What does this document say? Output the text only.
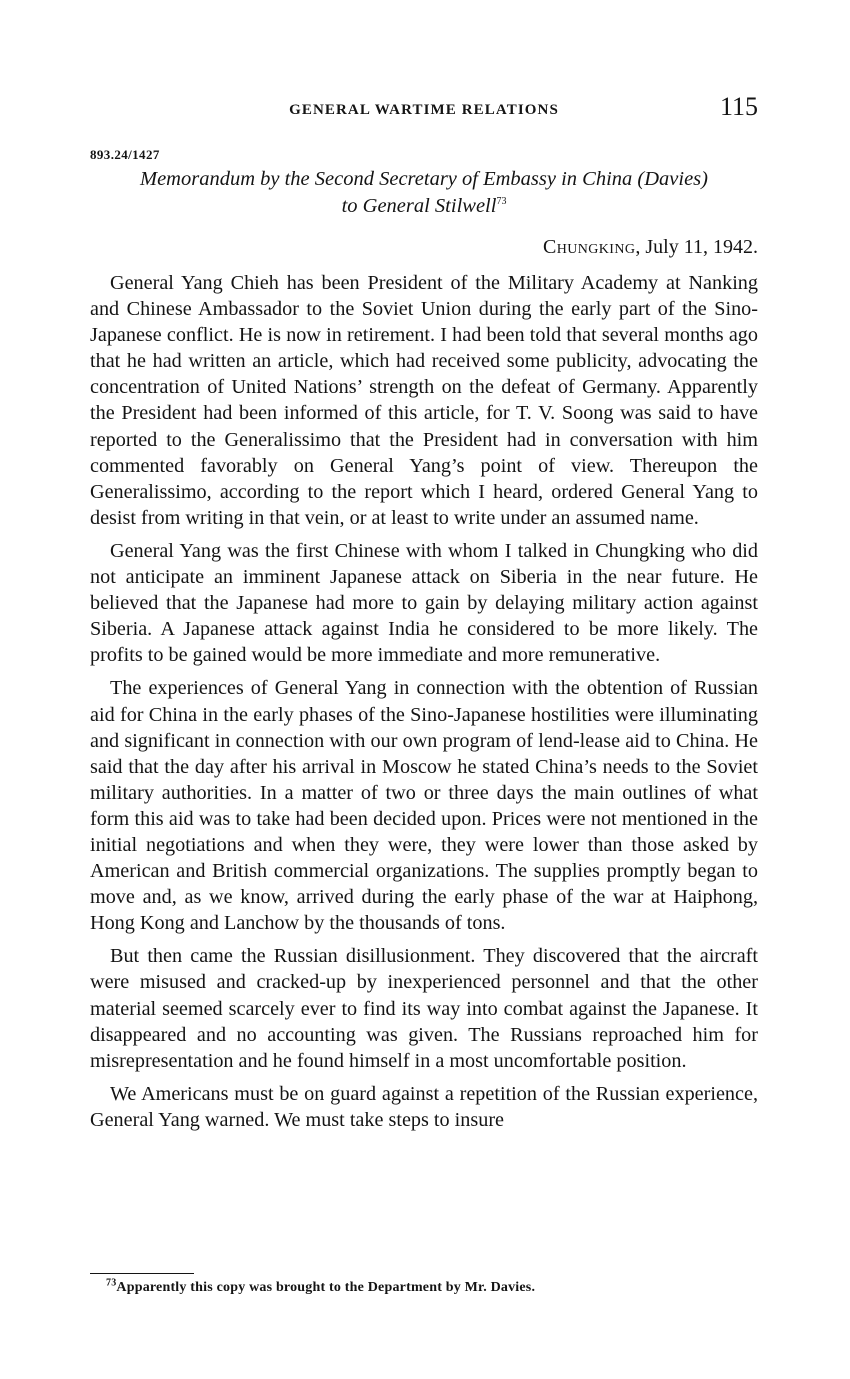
GENERAL WARTIME RELATIONS	115
893.24/1427
Memorandum by the Second Secretary of Embassy in China (Davies)
to General Stilwell$^{73}$
Chungking, July 11, 1942.

General Yang Chieh has been President of the Military Academy at Nanking and Chinese Ambassador to the Soviet Union during the early part of the Sino-Japanese conflict. He is now in retirement. I had been told that several months ago that he had written an article, which had received some publicity, advocating the concentration of United Nations’ strength on the defeat of Germany. Apparently the President had been informed of this article, for T. V. Soong was said to have reported to the Generalissimo that the President had in conversation with him commented favorably on General Yang’s point of view. Thereupon the Generalissimo, according to the report which I heard, ordered General Yang to desist from writing in that vein, or at least to write under an assumed name.

General Yang was the first Chinese with whom I talked in Chungking who did not anticipate an imminent Japanese attack on Siberia in the near future. He believed that the Japanese had more to gain by delaying military action against Siberia. A Japanese attack against India he considered to be more likely. The profits to be gained would be more immediate and more remunerative.

The experiences of General Yang in connection with the obtention of Russian aid for China in the early phases of the Sino-Japanese hostilities were illuminating and significant in connection with our own program of lend-lease aid to China. He said that the day after his arrival in Moscow he stated China’s needs to the Soviet military authorities. In a matter of two or three days the main outlines of what form this aid was to take had been decided upon. Prices were not mentioned in the initial negotiations and when they were, they were lower than those asked by American and British commercial organizations. The supplies promptly began to move and, as we know, arrived during the early phase of the war at Haiphong, Hong Kong and Lanchow by the thousands of tons.

But then came the Russian disillusionment. They discovered that the aircraft were misused and cracked-up by inexperienced personnel and that the other material seemed scarcely ever to find its way into combat against the Japanese. It disappeared and no accounting was given. The Russians reproached him for misrepresentation and he found himself in a most uncomfortable position.

We Americans must be on guard against a repetition of the Russian experience, General Yang warned. We must take steps to insure

$^{73}$Apparently this copy was brought to the Department by Mr. Davies.
